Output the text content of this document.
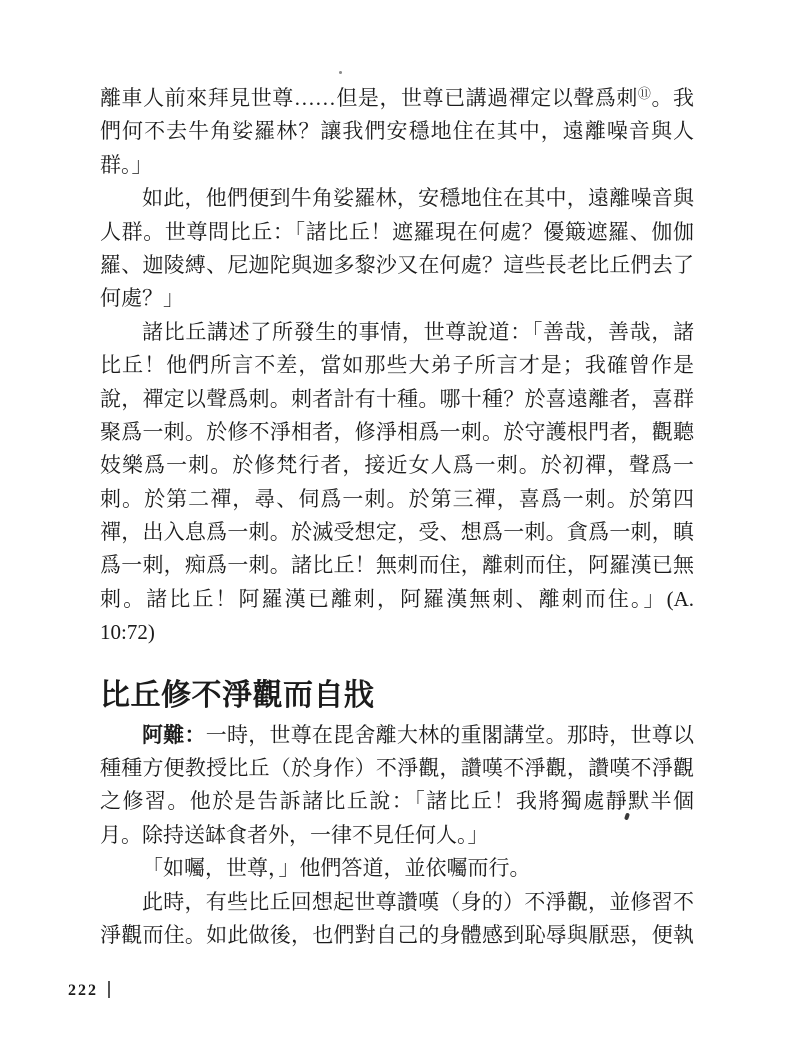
離車人前來拜見世尊……但是，世尊已講過禪定以聲爲刺⑪。我
們何不去牛角娑羅林？讓我們安穩地住在其中，遠離噪音與人
群。」
如此，他們便到牛角娑羅林，安穩地住在其中，遠離噪音與
人群。世尊問比丘：「諸比丘！遮羅現在何處？優簸遮羅、伽伽
羅、迦陵縛、尼迦陀與迦多黎沙又在何處？這些長老比丘們去了
何處？」
諸比丘講述了所發生的事情，世尊說道：「善哉，善哉，諸
比丘！他們所言不差，當如那些大弟子所言才是；我確曾作是
說，禪定以聲爲刺。刺者計有十種。哪十種？於喜遠離者，喜群
聚爲一刺。於修不淨相者，修淨相爲一刺。於守護根門者，觀聽
妓樂爲一刺。於修梵行者，接近女人爲一刺。於初禪，聲爲一
刺。於第二禪，尋、伺爲一刺。於第三禪，喜爲一刺。於第四
禪，出入息爲一刺。於滅受想定，受、想爲一刺。貪爲一刺，瞋
爲一刺，痴爲一刺。諸比丘！無刺而住，離刺而住，阿羅漢已無
刺。諸比丘！阿羅漢已離刺，阿羅漢無刺、離刺而住。」(A.
10:72)
比丘修不淨觀而自戕
阿難：一時，世尊在毘舍離大林的重閣講堂。那時，世尊以
種種方便教授比丘（於身作）不淨觀，讚嘆不淨觀，讚嘆不淨觀
之修習。他於是告訴諸比丘說：「諸比丘！我將獨處靜默半個
月。除持送缽食者外，一律不見任何人。」
「如囑，世尊，」他們答道，並依囑而行。
此時，有些比丘回想起世尊讚嘆（身的）不淨觀，並修習不
淨觀而住。如此做後，也們對自己的身體感到恥辱與厭惡，便執
222
